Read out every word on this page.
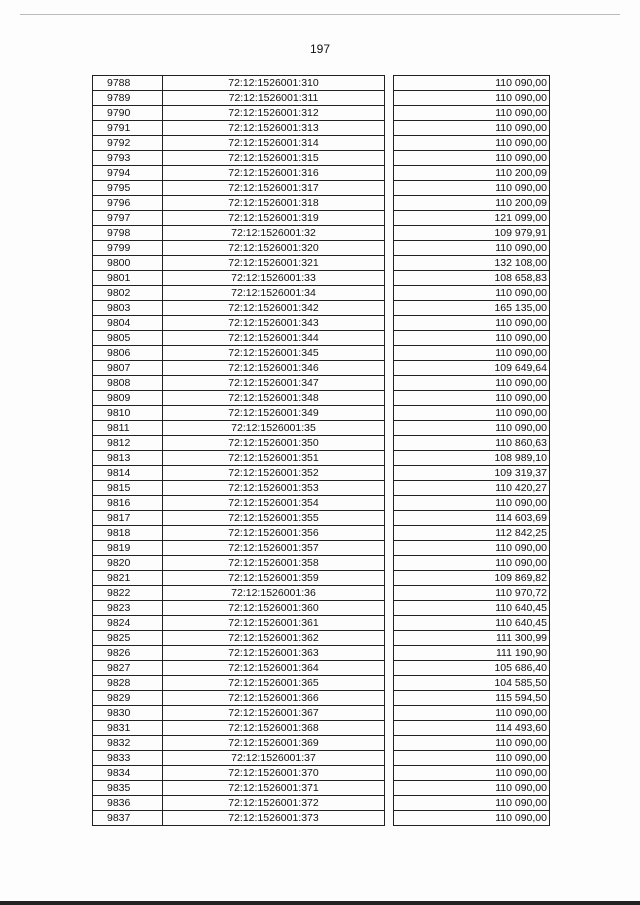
197
9788	72:12:1526001:310		110 090,00
9789	72:12:1526001:311		110 090,00
9790	72:12:1526001:312		110 090,00
9791	72:12:1526001:313		110 090,00
9792	72:12:1526001:314		110 090,00
9793	72:12:1526001:315		110 090,00
9794	72:12:1526001:316		110 200,09
9795	72:12:1526001:317		110 090,00
9796	72:12:1526001:318		110 200,09
9797	72:12:1526001:319		121 099,00
9798	72:12:1526001:32		109 979,91
9799	72:12:1526001:320		110 090,00
9800	72:12:1526001:321		132 108,00
9801	72:12:1526001:33		108 658,83
9802	72:12:1526001:34		110 090,00
9803	72:12:1526001:342		165 135,00
9804	72:12:1526001:343		110 090,00
9805	72:12:1526001:344		110 090,00
9806	72:12:1526001:345		110 090,00
9807	72:12:1526001:346		109 649,64
9808	72:12:1526001:347		110 090,00
9809	72:12:1526001:348		110 090,00
9810	72:12:1526001:349		110 090,00
9811	72:12:1526001:35		110 090,00
9812	72:12:1526001:350		110 860,63
9813	72:12:1526001:351		108 989,10
9814	72:12:1526001:352		109 319,37
9815	72:12:1526001:353		110 420,27
9816	72:12:1526001:354		110 090,00
9817	72:12:1526001:355		114 603,69
9818	72:12:1526001:356		112 842,25
9819	72:12:1526001:357		110 090,00
9820	72:12:1526001:358		110 090,00
9821	72:12:1526001:359		109 869,82
9822	72:12:1526001:36		110 970,72
9823	72:12:1526001:360		110 640,45
9824	72:12:1526001:361		110 640,45
9825	72:12:1526001:362		111 300,99
9826	72:12:1526001:363		111 190,90
9827	72:12:1526001:364		105 686,40
9828	72:12:1526001:365		104 585,50
9829	72:12:1526001:366		115 594,50
9830	72:12:1526001:367		110 090,00
9831	72:12:1526001:368		114 493,60
9832	72:12:1526001:369		110 090,00
9833	72:12:1526001:37		110 090,00
9834	72:12:1526001:370		110 090,00
9835	72:12:1526001:371		110 090,00
9836	72:12:1526001:372		110 090,00
9837	72:12:1526001:373		110 090,00
